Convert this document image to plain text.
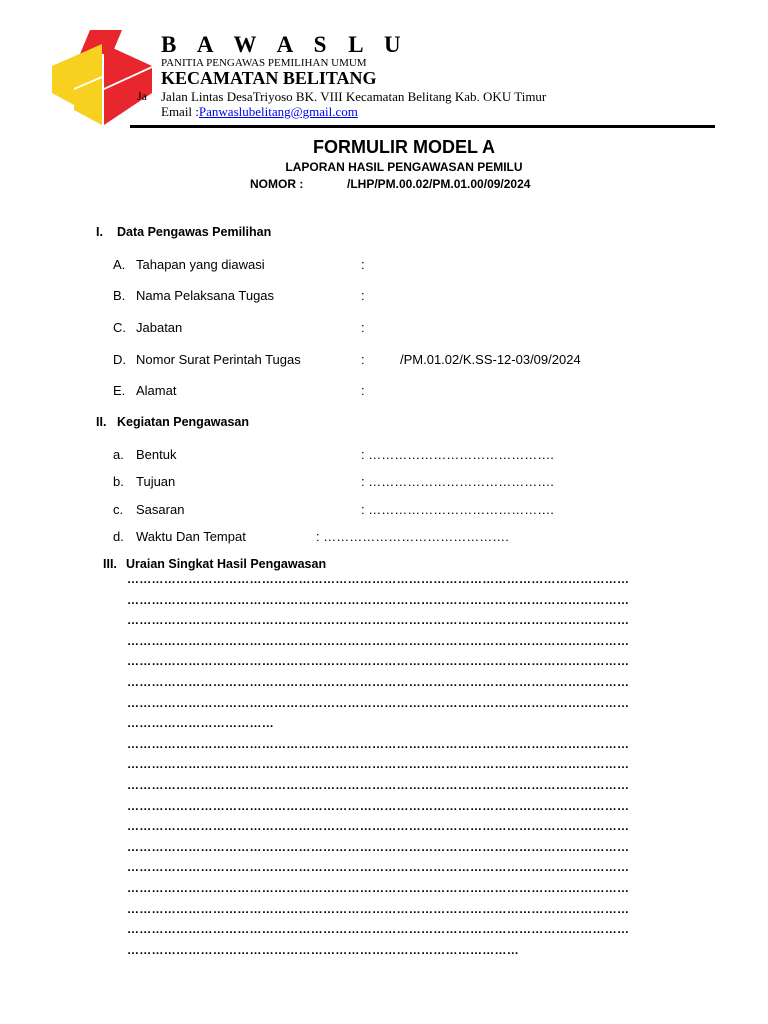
B A W A S L U
PANITIA PENGAWAS PEMILIHAN UMUM
KECAMATAN BELITANG
Ja Jalan Lintas DesaTriyoso BK. VIII Kecamatan Belitang Kab. OKU Timur
Email :Panwaslubelitang@gmail.com
FORMULIR MODEL A
LAPORAN HASIL PENGAWASAN PEMILU
NOMOR :	/LHP/PM.00.02/PM.01.00/09/2024
I. Data Pengawas Pemilihan
A. Tahapan yang diawasi	:
B. Nama Pelaksana Tugas	:
C. Jabatan	:
D. Nomor Surat Perintah Tugas	:	/PM.01.02/K.SS-12-03/09/2024
E. Alamat	:
II. Kegiatan Pengawasan
a. Bentuk	: …………………………………….
b. Tujuan	: …………………………………….
c. Sasaran	: …………………………………….
d. Waktu Dan Tempat	: …………………………………….
III. Uraian Singkat Hasil Pengawasan
……………………………………………………………………………………………………………
……………………………………………………………………………………………………………
……………………………………………………………………………………………………………
……………………………………………………………………………………………………………
……………………………………………………………………………………………………………
……………………………………………………………………………………………………………
……………………………………………………………………………………………………………
………………………………
……………………………………………………………………………………………………………
……………………………………………………………………………………………………………
……………………………………………………………………………………………………………
……………………………………………………………………………………………………………
……………………………………………………………………………………………………………
……………………………………………………………………………………………………………
……………………………………………………………………………………………………………
……………………………………………………………………………………………………………
……………………………………………………………………………………………………………
……………………………………………………………………………………………………………
……………………………………………………………………………………
